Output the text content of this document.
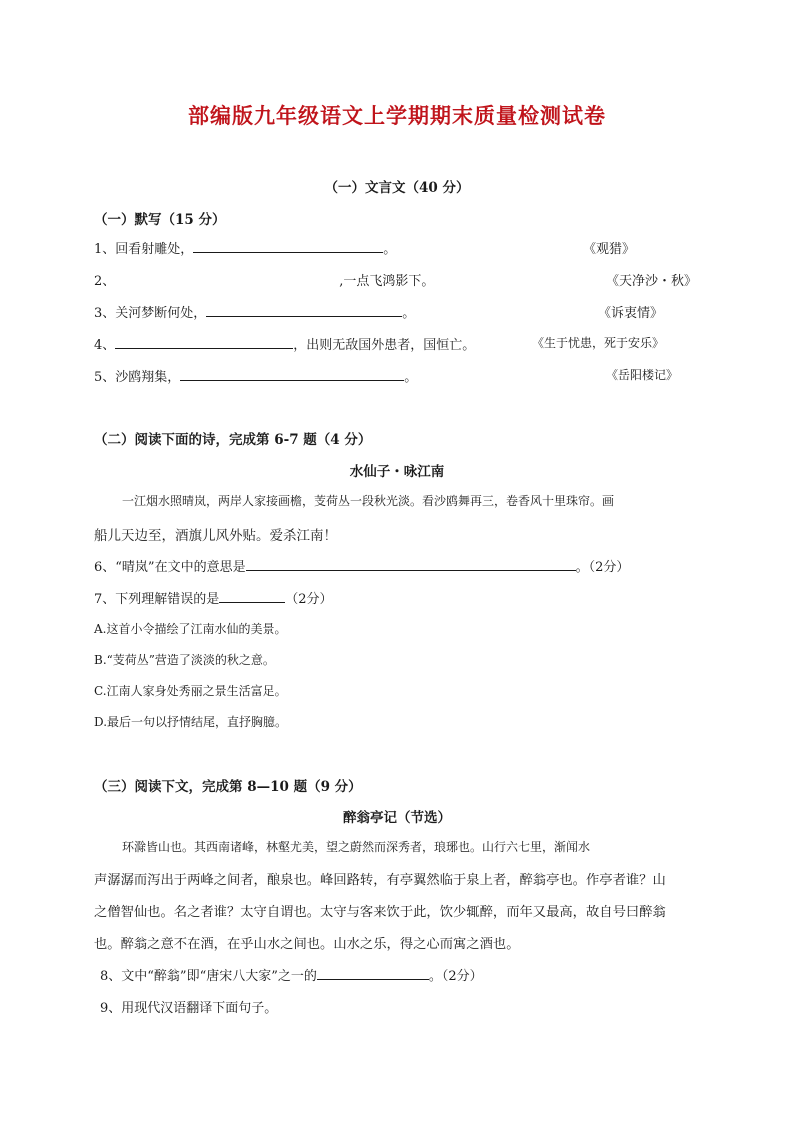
部编版九年级语文上学期期末质量检测试卷
（一）文言文（40 分）
（一）默写（15 分）
1、回看射雕处，	。	《观猎》
2、	,一点飞鸿影下。	《天净沙・秋》
3、关河梦断何处，	。	《诉衷情》
4、	，出则无敌国外患者，国恒亡。	《生于忧患，死于安乐》
5、沙鸥翔集，	。	《岳阳楼记》
（二）阅读下面的诗，完成第 6-7 题（4 分）
水仙子・咏江南
一江烟水照晴岚，两岸人家接画檐，芰荷丛一段秋光淡。看沙鸥舞再三，卷香风十里珠帘。画
船儿天边至，酒旗儿风外贴。爱杀江南！
6、“晴岚”在文中的意思是	。（2分）
7、下列理解错误的是	（2分）
A.这首小令描绘了江南水仙的美景。
B.“芰荷丛”营造了淡淡的秋之意。
C.江南人家身处秀丽之景生活富足。
D.最后一句以抒情结尾，直抒胸臆。
（三）阅读下文，完成第 8—10 题（9 分）
醉翁亭记（节选）
环滁皆山也。其西南诸峰，林壑尤美，望之蔚然而深秀者，琅琊也。山行六七里，渐闻水
声潺潺而泻出于两峰之间者，酿泉也。峰回路转，有亭翼然临于泉上者，醉翁亭也。作亭者谁？山
之僧智仙也。名之者谁？太守自谓也。太守与客来饮于此，饮少辄醉，而年又最高，故自号曰醉翁
也。醉翁之意不在酒，在乎山水之间也。山水之乐，得之心而寓之酒也。
8、文中“醉翁”即“唐宋八大家”之一的	。（2分）
9、用现代汉语翻译下面句子。
